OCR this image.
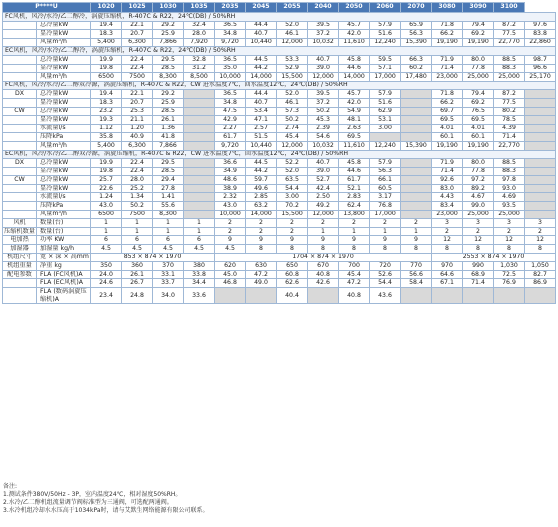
P****U		1020	1025	1030	1035	2035	2045	2055	2040	2050	2060	2070	3080	3090	3100	
FC风机，风冷/水冷/乙二醇冷，涡旋压缩机，R-407C & R22，24℃(DB) / 50%RH																
	总冷量kW	19.4	22.1	29.2	32.4	36.5	44.4	52.0	39.5	45.7	57.9	65.9	71.8	79.4	87.2	97.6
	显冷量kW	18.3	20.7	25.9	28.0	34.8	40.7	46.1	37.2	42.0	51.6	56.3	66.2	69.2	77.5	83.8
	风量m³/h	5,400	6,300	7,866	7,920	9,720	10,440	12,000	10,032	11,610	12,240	15,390	19,190	19,190	22,770	22,860
EC风机，风冷/水冷/乙二醇冷，涡旋压缩机，R-407C & R22，24℃(DB) / 50%RH																
	总冷量kW	19.9	22.4	29.5	32.8	36.5	44.5	53.3	40.7	45.8	59.5	66.3	71.9	80.0	88.5	98.7
	显冷量kW	19.8	22.4	28.5	31.2	35.0	44.2	52.9	39.0	44.6	57.1	60.2	71.4	77.8	88.3	96.6
	风量m³/h	6500	7500	8,300	8,500	10,000	14,000	15,500	12,000	14,000	17,000	17,480	23,000	25,000	25,000	25,170
FC风机，风冷/水冷/乙二醇双冷源，涡旋压缩机，R-407C & R22，CW 进水温度7℃，回水温度12℃，24℃(DB) / 50%RH																
DX	总冷量kW	19.4	22.1	29.2		36.5	44.4	52.0	39.5	45.7	57.9		71.8	79.4	87.2	
	显冷量kW	18.3	20.7	25.9		34.8	40.7	46.1	37.2	42.0	51.6		66.2	69.2	77.5	
CW	总冷量kW	23.2	25.3	28.5		47.5	53.4	57.3	50.2	54.9	62.9		69.7	76.5	80.2	
	显冷量kW	19.3	21.1	26.1		42.9	47.1	50.2	45.3	48.1	53.1		69.5	69.5	78.5	
	水流量l/s	1.12	1.20	1.36		2.27	2.57	2.74	2.39	2.63	3.00		4.01	4.01	4.39	
	压降kPa	35.8	40.9	41.8		61.7	51.5	45.4	54.6	69.5			60.1	60.1	71.4	
	风量m³/h	5,400	6,300	7,866		9,720	10,440	12,000	10,032	11,610	12,240	15,390	19,190	19,190	22,770	
EC风机，风冷/水冷/乙二醇双冷源，涡旋压缩机，R-407C & R22，CW 进水温度7℃，回水温度12℃，24℃(DB) / 50%RH																
DX	总冷量kW	19.9	22.4	29.5		36.6	44.5	52.2	40.7	45.8	57.9		71.9	80.0	88.5	
	显冷量kW	19.8	22.4	28.5		34.9	44.2	52.0	39.0	44.6	56.3		71.4	77.8	88.3	
CW	总冷量kW	25.7	28.0	29.4		48.6	59.7	63.5	52.7	61.7	66.1		92.6	97.2	97.8	
	显冷量kW	22.6	25.2	27.8		38.9	49.6	54.4	42.4	52.1	60.5		83.0	89.2	93.0	
	水流量l/s	1.24	1.34	1.41		2.32	2.85	3.00	2.50	2.83	3.17		4.43	4.67	4.69	
	压降kPa	43.0	50.2	55.6		43.0	63.2	70.2	49.2	62.4	76.8		83.4	99.0	93.5	
	风量m³/h	6500	7500	8,300		10,000	14,000	15,500	12,000	13,800	17,000		23,000	25,000	25,000	
风机	数量(台)	1	1	1	1	2	2	2	2	2	2	2	3	3	3	3
压缩机数量	数量(台)	1	1	1	1	2	2	2	1	1	1	1	2	2	2	2
电加热	功率 KW	6	6	6	6	9	9	9	9	9	9	9	12	12	12	12
加湿器	加湿量 kg/h	4.5	4.5	4.5	4.5	4.5	8	8	8	8	8	8	8	8	8	8
机组尺寸	宽 × 深 × 高mm	853 × 874 × 1970				1704 × 874 × 1970							2553 × 874 × 1970			
机组重量	净重 kg	350	360	370	380	620	630	650	670	700	720	770	970	990	1,030	1,050
配电参数	FLA (FC风机)A	24.0	26.1	33.1	33.8	45.0	47.2	60.8	40.8	45.4	52.6	56.6	64.6	68.9	72.5	82.7
	FLA (EC风机)A	24.6	26.7	33.7	34.4	46.8	49.0	62.6	42.6	47.2	54.4	58.4	67.1	71.4	76.9	86.9
	FLA (数码涡旋压缩机)A	23.4	24.8	34.0	33.6			40.4		40.8	43.6					
备注:
1.测试条件380V/50Hz - 3P，室内温度24℃，相对湿度50%RH。
2.水冷/乙二醇机组流量调节阀标准型为三通阀，可选配两通阀。
3.水冷机组冷却水水压高于1034kPa时，请与艾默生网络能源有限公司联系。
